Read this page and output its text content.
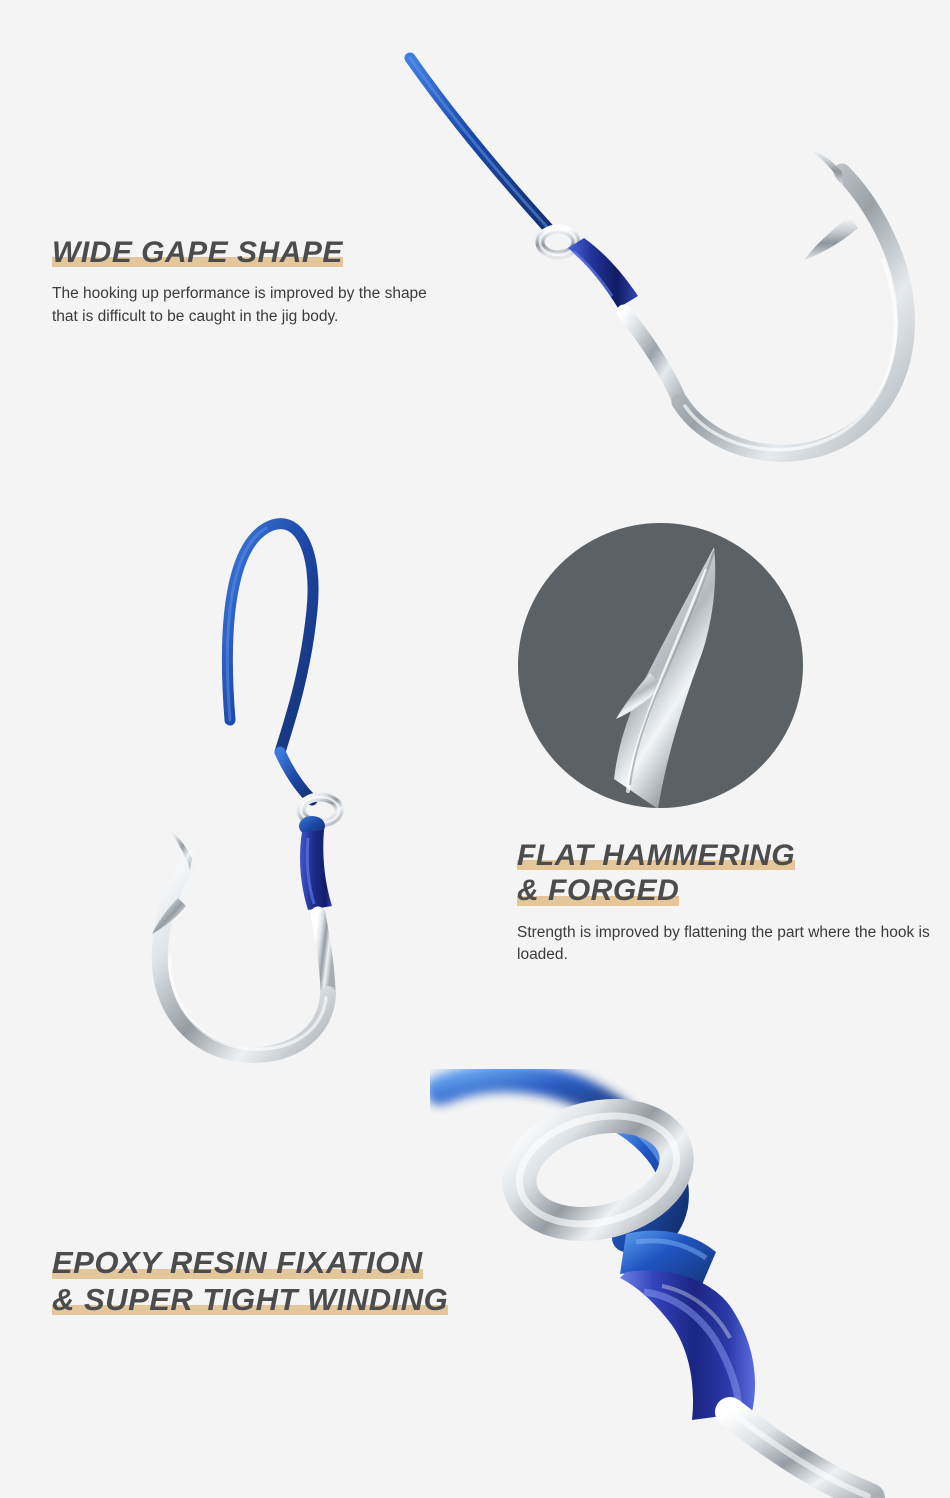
WIDE GAPE SHAPE

The hooking up performance is improved by the shape that is difficult to be caught in the jig body.

FLAT HAMMERING

& FORGED

Strength is improved by flattening the part where the hook is loaded.

EPOXY RESIN FIXATION

& SUPER TIGHT WINDING
